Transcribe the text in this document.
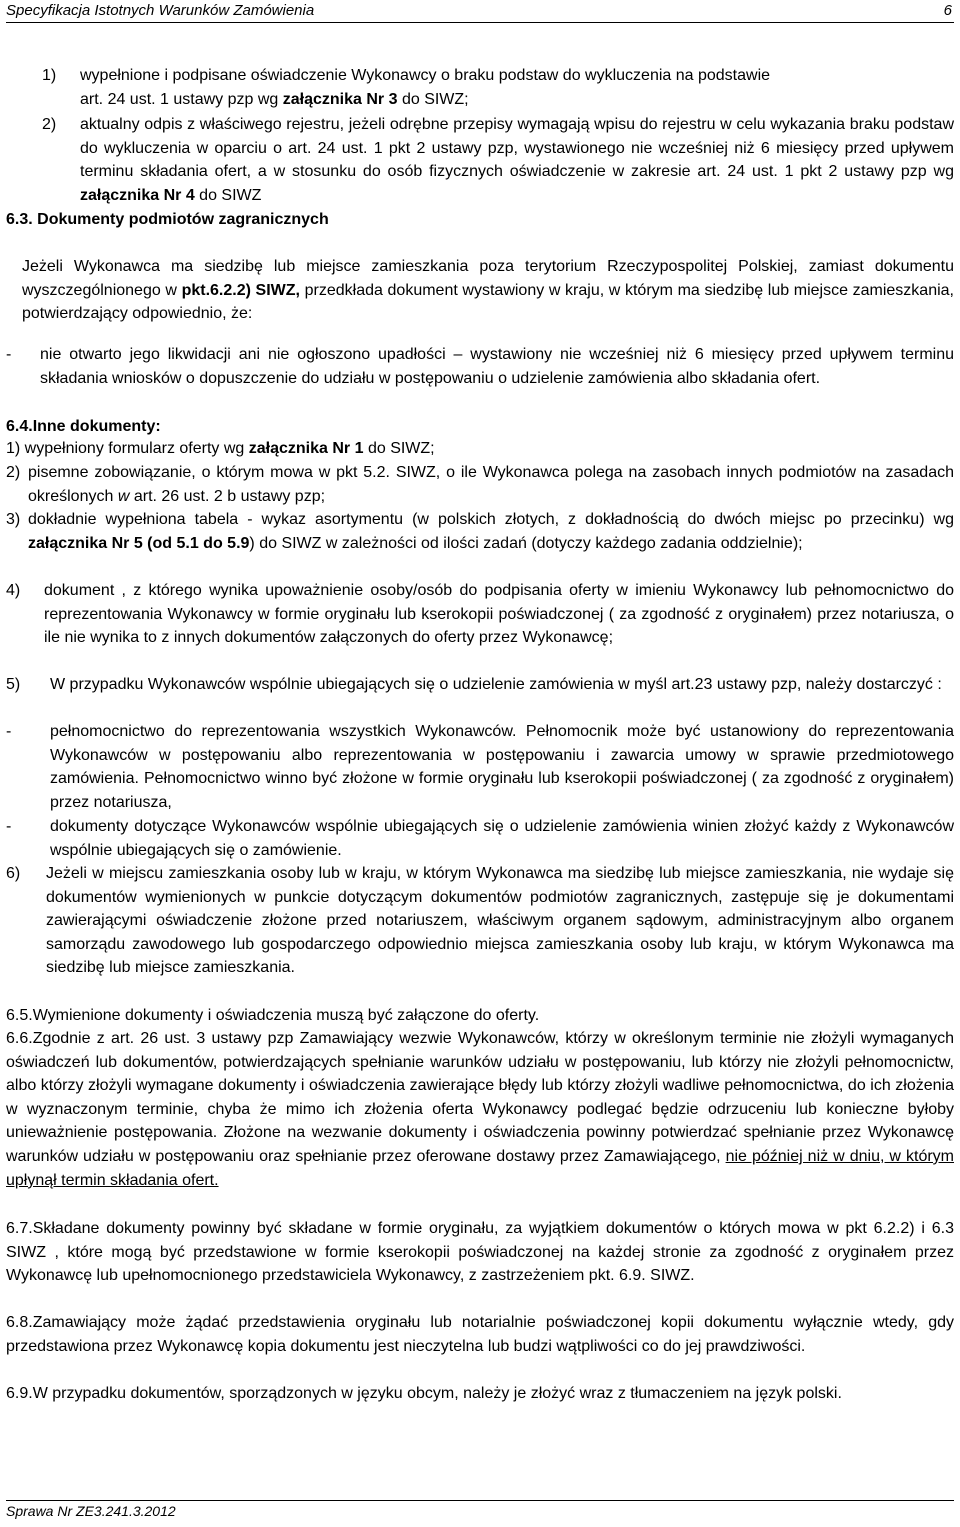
Specyfikacja Istotnych Warunków Zamówienia	6
1) wypełnione i podpisane oświadczenie Wykonawcy o braku podstaw do wykluczenia na podstawie

art. 24 ust. 1 ustawy pzp wg załącznika Nr 3 do SIWZ;

2) aktualny odpis z właściwego rejestru, jeżeli odrębne przepisy wymagają wpisu do rejestru w celu wykazania braku podstaw do wykluczenia w oparciu o art. 24 ust. 1 pkt 2 ustawy pzp, wystawionego nie wcześniej niż 6 miesięcy przed upływem terminu składania ofert, a w stosunku do osób fizycznych oświadczenie w zakresie art. 24 ust. 1 pkt 2 ustawy pzp wg załącznika Nr 4 do SIWZ

6.3. Dokumenty podmiotów zagranicznych

Jeżeli Wykonawca ma siedzibę lub miejsce zamieszkania poza terytorium Rzeczypospolitej Polskiej, zamiast dokumentu wyszczególnionego w pkt.6.2.2) SIWZ, przedkłada dokument wystawiony w kraju, w którym ma siedzibę lub miejsce zamieszkania, potwierdzający odpowiednio, że:

- nie otwarto jego likwidacji ani nie ogłoszono upadłości – wystawiony nie wcześniej niż 6 miesięcy przed upływem terminu składania wniosków o dopuszczenie do udziału w postępowaniu o udzielenie zamówienia albo składania ofert.

6.4.Inne dokumenty:

1) wypełniony formularz oferty wg załącznika Nr 1 do SIWZ;

2) pisemne zobowiązanie, o którym mowa w pkt 5.2. SIWZ, o ile Wykonawca polega na zasobach innych podmiotów na zasadach określonych w art. 26 ust. 2 b ustawy pzp;

3) dokładnie wypełniona tabela - wykaz asortymentu (w polskich złotych, z dokładnością do dwóch miejsc po przecinku) wg załącznika Nr 5 (od 5.1 do 5.9) do SIWZ w zależności od ilości zadań (dotyczy każdego zadania oddzielnie);

4) dokument , z którego wynika upoważnienie osoby/osób do podpisania oferty w imieniu Wykonawcy lub pełnomocnictwo do reprezentowania Wykonawcy w formie oryginału lub kserokopii poświadczonej ( za zgodność z oryginałem) przez notariusza, o ile nie wynika to z innych dokumentów załączonych do oferty przez Wykonawcę;

5) W przypadku Wykonawców wspólnie ubiegających się o udzielenie zamówienia w myśl art.23 ustawy pzp, należy dostarczyć :

- pełnomocnictwo do reprezentowania wszystkich Wykonawców. Pełnomocnik może być ustanowiony do reprezentowania Wykonawców w postępowaniu albo reprezentowania w postępowaniu i zawarcia umowy w sprawie przedmiotowego zamówienia. Pełnomocnictwo winno być złożone w formie oryginału lub kserokopii poświadczonej ( za zgodność z oryginałem) przez notariusza,

- dokumenty dotyczące Wykonawców wspólnie ubiegających się o udzielenie zamówienia winien złożyć każdy z Wykonawców wspólnie ubiegających się o zamówienie.

6) Jeżeli w miejscu zamieszkania osoby lub w kraju, w którym Wykonawca ma siedzibę lub miejsce zamieszkania, nie wydaje się dokumentów wymienionych w punkcie dotyczącym dokumentów podmiotów zagranicznych, zastępuje się je dokumentami zawierającymi oświadczenie złożone przed notariuszem, właściwym organem sądowym, administracyjnym albo organem samorządu zawodowego lub gospodarczego odpowiednio miejsca zamieszkania osoby lub kraju, w którym Wykonawca ma siedzibę lub miejsce zamieszkania.

6.5.Wymienione dokumenty i oświadczenia muszą być załączone do oferty.

6.6.Zgodnie z art. 26 ust. 3 ustawy pzp Zamawiający wezwie Wykonawców, którzy w określonym terminie nie złożyli wymaganych oświadczeń lub dokumentów, potwierdzających spełnianie warunków udziału w postępowaniu, lub którzy nie złożyli pełnomocnictw, albo którzy złożyli wymagane dokumenty i oświadczenia zawierające błędy lub którzy złożyli wadliwe pełnomocnictwa, do ich złożenia w wyznaczonym terminie, chyba że mimo ich złożenia oferta Wykonawcy podlegać będzie odrzuceniu lub konieczne byłoby unieważnienie postępowania. Złożone na wezwanie dokumenty i oświadczenia powinny potwierdzać spełnianie przez Wykonawcę warunków udziału w postępowaniu oraz spełnianie przez oferowane dostawy przez Zamawiającego, nie później niż w dniu, w którym upłynął termin składania ofert.

6.7.Składane dokumenty powinny być składane w formie oryginału, za wyjątkiem dokumentów o których mowa w pkt 6.2.2) i 6.3 SIWZ , które mogą być przedstawione w formie kserokopii poświadczonej na każdej stronie za zgodność z oryginałem przez Wykonawcę lub upełnomocnionego przedstawiciela Wykonawcy, z zastrzeżeniem pkt. 6.9. SIWZ.

6.8.Zamawiający może żądać przedstawienia oryginału lub notarialnie poświadczonej kopii dokumentu wyłącznie wtedy, gdy przedstawiona przez Wykonawcę kopia dokumentu jest nieczytelna lub budzi wątpliwości co do jej prawdziwości.

6.9.W przypadku dokumentów, sporządzonych w języku obcym, należy je złożyć wraz z tłumaczeniem na język polski.

Sprawa Nr ZE3.241.3.2012
